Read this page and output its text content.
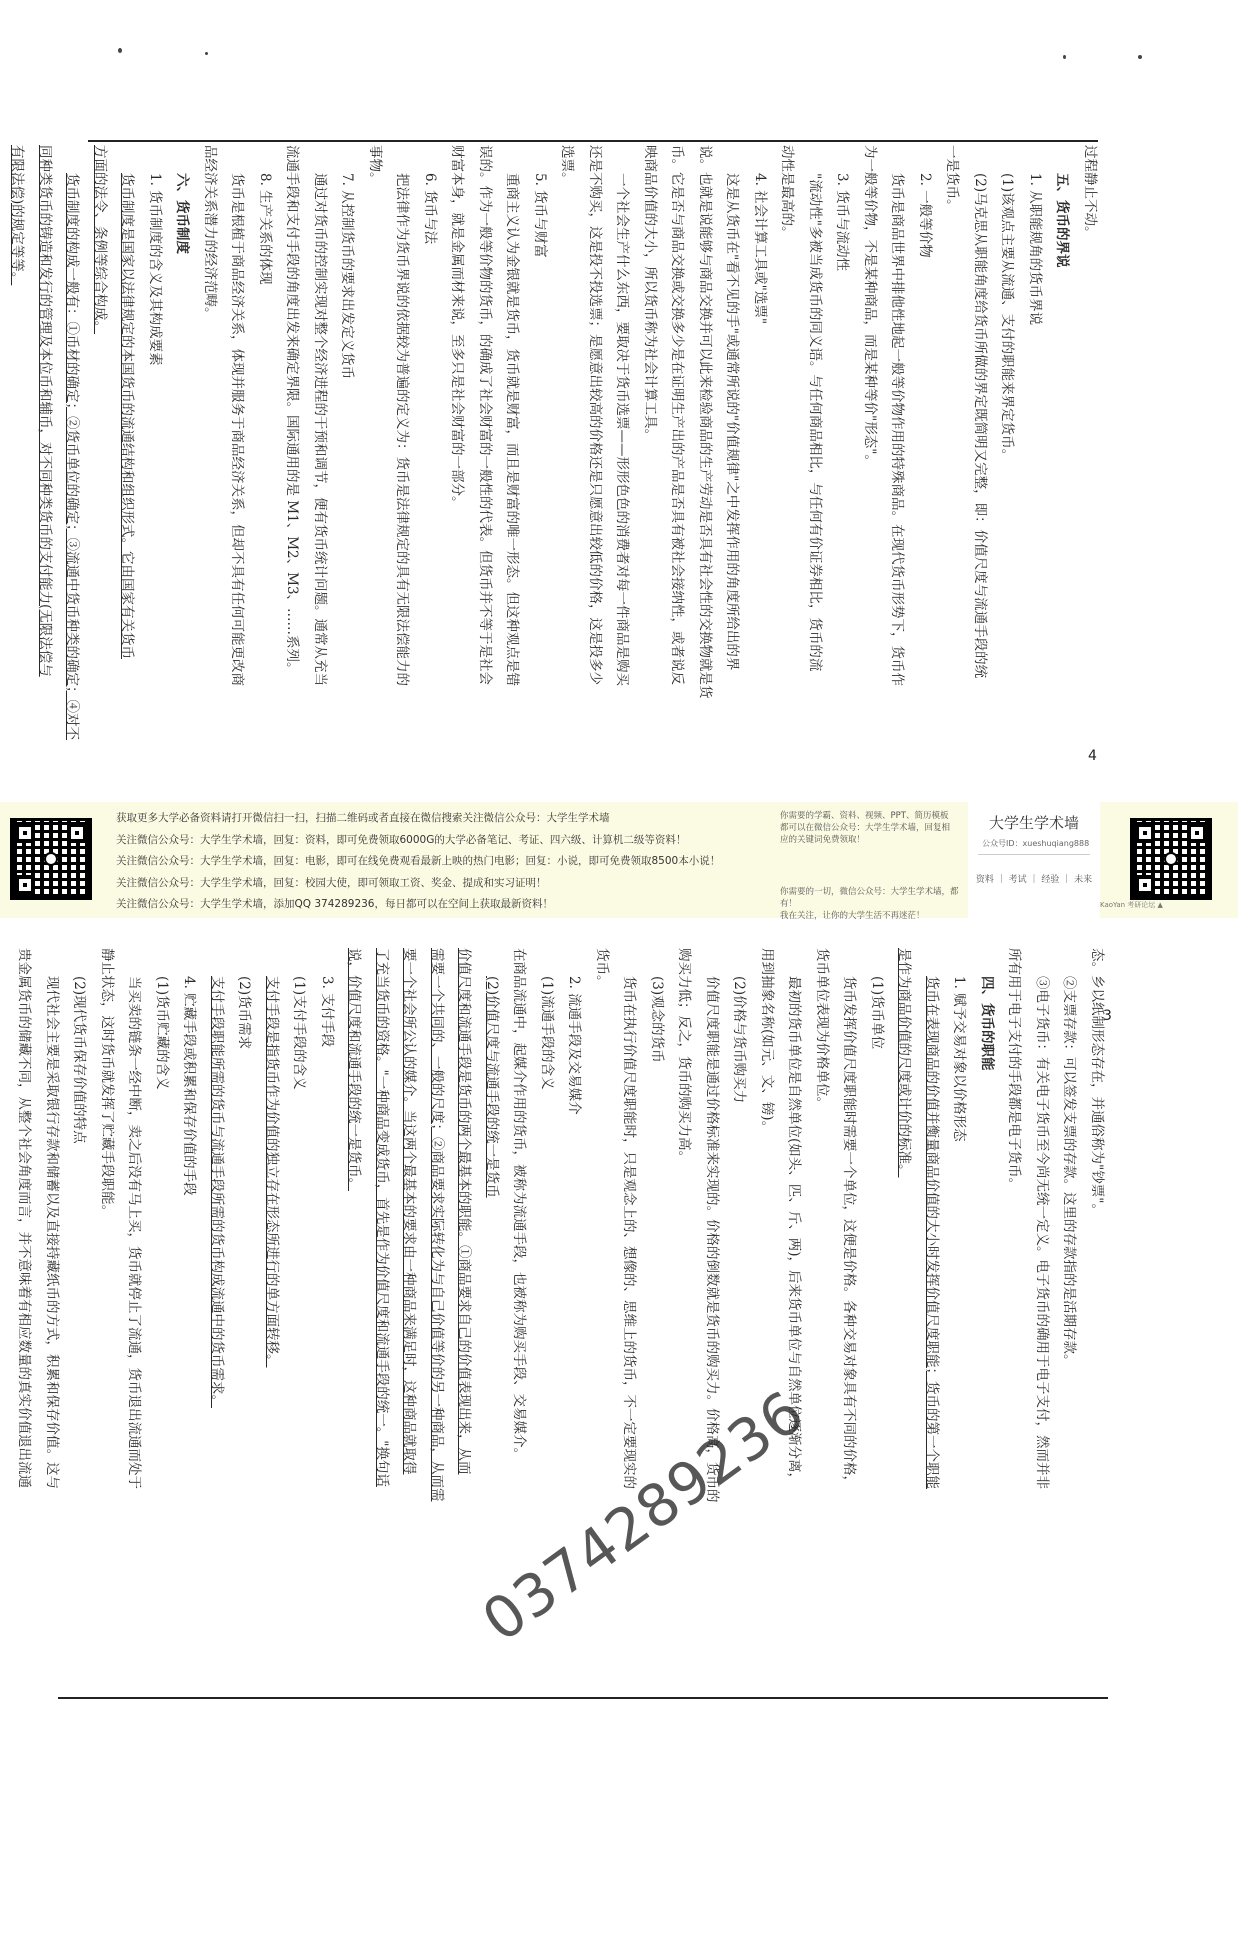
过程静止不动。
五、货币的界说
1. 从职能规角的货币界说
(1)该观点主要从流通、支付的职能来界定货币。
(2)马克思从职能角度给货币所做的界定既简明又完整，即：价值尺度与流通手段的统
一是货币。
2. 一般等价物
货币是商品世界中排他性地起一般等价物作用的特殊商品。在现代货币形势下，货币作
为一般等价物，不是某种商品，而是某种等价"形态"。
3. 货币与流动性
"流动性"多被当成货币的同义语。与任何商品相比，与任何有价证券相比，货币的流
动性是最高的。
4. 社会计算工具或"选票"
这是从货币在"看不见的手"或通常所说的"价值规律"之中发挥作用的角度所给出的界
说。也就是说能够与商品交换并可以此来检验商品的生产劳动是否具有社会性的交换物就是货
币。它是否与商品交换或交换多少是在证明生产出的产品是否具有被社会接纳性，或者说反
映商品价值的大小，所以货币称为社会计算工具。
一个社会生产什么东西，要取决于货币选票——形形色色的消费者对每一件商品是购买
还是不购买，这是投不投选票；是愿意出较高的价格还是只愿意出较低的价格，这是投多少
选票。
5. 货币与财富
重商主义认为金银就是货币，货币就是财富，而且是财富的唯一形态。但这种观点是错
误的。作为一般等价物的货币，的确成了社会财富的一般性的代表。但货币并不等于是社会
财富本身，就是金属而材来说，至多只是社会财富的一部分。
6. 货币与法
把法律作为货币界说的依据较为普遍的定义为：货币是法律规定的具有无限法偿能力的
事物。
7. 从控制货币的要求出发定义货币
通过对货币的控制实现对整个经济进程的干预和调节，便有货币统计问题。通常从充当
流通手段和支付手段的角度出发来确定界限。国际通用的是 M1、M2、M3、……系列。
8. 生产关系的体现
货币是根植于商品经济关系，体现并服务于商品经济关系，但却不具有任何可能更改商
品经济关系潜力的经济范畴。
六、货币制度
1. 货币制度的含义及其构成要素
货币制度是国家以法律规定的本国货币的流通结构和组织形式。它由国家有关货币
方面的法令、条例等综合构成。
货币制度的构成一般有：①币材的确定；②货币单位的确定；③流通中货币种类的确定；④对不
同种类货币的铸造和发行的管理及本位币和辅币，对不同种类货币的支付能力(无限法偿与
有限法偿)的规定等等。
4
获取更多大学必备资料请打开微信扫一扫，扫描二维码或者直接在微信搜索关注微信公众号：大学生学术墙
关注微信公众号：大学生学术墙，回复：资料，即可免费领取6000G的大学必备笔记、考证、四六级、计算机二级等资料！
关注微信公众号：大学生学术墙，回复：电影，即可在线免费观看最新上映的热门电影；回复：小说，即可免费领取8500本小说！
关注微信公众号：大学生学术墙，回复：校园大使，即可领取工资、奖金、提成和实习证明！
关注微信公众号：大学生学术墙，添加QQ 374289236，每日都可以在空间上获取最新资料！
你需要的学霸、资料、视频、PPT、简历模板
都可以在微信公众号：大学生学术墙，回复相
应的关键词免费领取！
你需要的一切，微信公众号：大学生学术墙，都有！
我在关注，让你的大学生活不再迷茫！
大学生学术墙
公众号ID：xueshuqiang888
资料 ｜ 考试 ｜ 经验 ｜ 未来
KaoYan 考研论坛 ▲
态。乡以纸制形态存在，并通俗称为"钞票"。
②支票存款：可以签发支票的存款。这里的存款指的是活期存款。
③电子货币：有关电子货币至今尚无统一定义。电子货币的确用于电子支付，然而并非
所有用于电子支付的手段都是电子货币。
四、货币的职能
1. 赋予交易对象以价格形态
货币在表现商品的价值并衡量商品价值的大小时发挥价值尺度职能；货币的第一个职能
是作为商品价值的尺度或计价的标准。
(1)货币单位
货币发挥价值尺度职能时需要一个单位，这便是价格。各种交易对象具有不同的价格，
货币单位表现为价格单位。
最初的货币单位是自然单位(如头、匹、斤、两)，后来货币单位与自然单位逐渐分离，
用到抽象名称(如元、文、镑)。
(2)价格与货币购买力
价值尺度职能是通过价格标准来实现的。价格的倒数就是货币的购买力。价格高，货币的
购买力低；反之，货币的购买力高。
(3)观念的货币
货币在执行价值尺度职能时，只是观念上的、想像的、思维上的货币，不一定要现实的
货币。
2. 流通手段及交易媒介
(1)流通手段的含义
在商品流通中，起媒介作用的货币，被称为流通手段，也被称为购买手段、交易媒介。
(2)价值尺度与流通手段的统一是货币
价值尺度和流通手段是货币的两个最基本的职能。①商品要求自己的价值表现出来，从而
需要一个共同的、一般的尺度；②商品要求实际转化为与自己价值等价的另一种商品，从而需
要一个社会所公认的媒介。当这两个最基本的要求由一种商品来满足时，这种商品就取得
了充当货币的资格。"一种商品变成货币，首先是作为价值尺度和流通手段的统一。"换句话
说，价值尺度和流通手段的统一是货币。
3. 支付手段
(1)支付手段的含义
支付手段是指货币作为价值的独立存在形态所进行的单方面转移。
(2)货币需求
支付手段职能所需的货币与流通手段所需的货币构成流通中的货币需求。
4. 贮藏手段或积累和保存价值的手段
(1)货币贮藏的含义
当买卖的链条一经中断，卖之后没有马上买，货币就停止了流通，货币退出流通而处于
静止状态，这时货币就发挥了贮藏手段职能。
(2)现代货币保存价值的特点
现代社会主要是采取银行存款和储蓄以及直接持藏纸币的方式，积累和保存价值。这与
贵金属货币的储藏不同，从整个社会角度而言，并不意味着有相应数量的真实价值退出流通	3
0374289236
